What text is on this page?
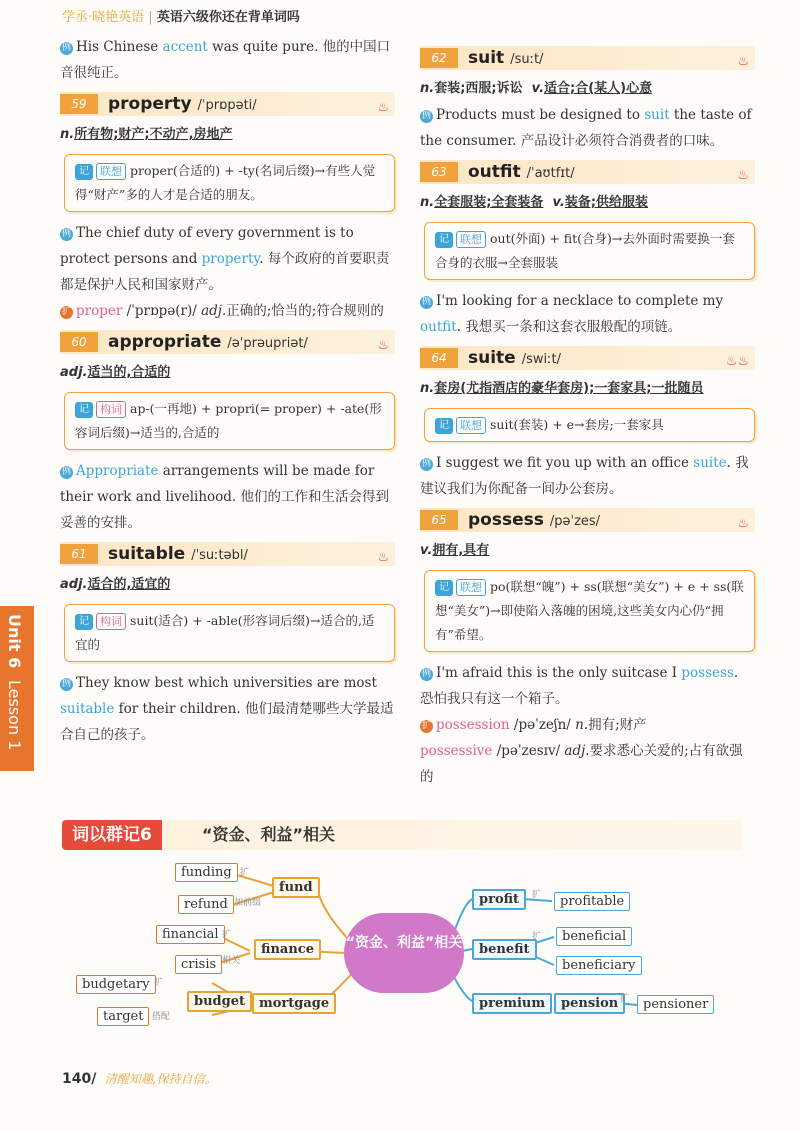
学丞·晓艳英语 | 英语六级你还在背单词吗
Unit 6
Lesson 1
例 His Chinese accent was quite pure. 他的中国口音很纯正。
59	property /ˈprɒpəti/	♨
n.所有物;财产;不动产,房地产
记 联想 proper(合适的) + -ty(名词后缀)→有些人觉得“财产”多的人才是合适的朋友。
例 The chief duty of every government is to protect persons and property. 每个政府的首要职责都是保护人民和国家财产。
扩 proper /ˈprɒpə(r)/ adj.正确的;恰当的;符合规则的
60	appropriate /əˈprəupriət/	♨
adj.适当的,合适的
记 构词 ap-(一再地) + propri(= proper) + -ate(形容词后缀)→适当的,合适的
例 Appropriate arrangements will be made for their work and livelihood. 他们的工作和生活会得到妥善的安排。
61	suitable /ˈsuːtəbl/	♨
adj.适合的,适宜的
记 构词 suit(适合) + -able(形容词后缀)→适合的,适宜的
例 They know best which universities are most suitable for their children. 他们最清楚哪些大学最适合自己的孩子。
62	suit /suːt/	♨
n.套装;西服;诉讼 v.适合;合(某人)心意
例 Products must be designed to suit the taste of the consumer. 产品设计必须符合消费者的口味。
63	outfit /ˈaʊtfɪt/	♨
n.全套服装;全套装备 v.装备;供给服装
记 联想 out(外面) + fit(合身)→去外面时需要换一套合身的衣服→全套服装
例 I'm looking for a necklace to complete my outfit. 我想买一条和这套衣服般配的项链。
64	suite /swiːt/	♨♨
n.套房(尤指酒店的豪华套房);一套家具;一批随员
记 联想 suit(套装) + e→套房;一套家具
例 I suggest we fit you up with an office suite. 我建议我们为你配备一间办公套房。
65	possess /pəˈzes/	♨
v.拥有,具有
记 联想 po(联想“魄”) + ss(联想“美女”) + e + ss(联想“美女”)→即使陷入落魄的困境,这些美女内心仍“拥有”希望。
例 I'm afraid this is the only suitcase I possess. 恐怕我只有这一个箱子。
扩 possession /pəˈzeʃn/ n.拥有;财产
possessive /pəˈzesɪv/ adj.要求悉心关爱的;占有欲强的
词以群记6	“资金、利益”相关
funding
refund
fund
加前缀
扩
financial
crisis
finance
相关
扩
budgetary
target
budget	mortgage
搭配
扩
“资金、利益”相关
profit	profitable
扩
benefit
beneficial
beneficiary
扩
premium	pension	pensioner
扩
140/ 清醒知趣,保持自信。
